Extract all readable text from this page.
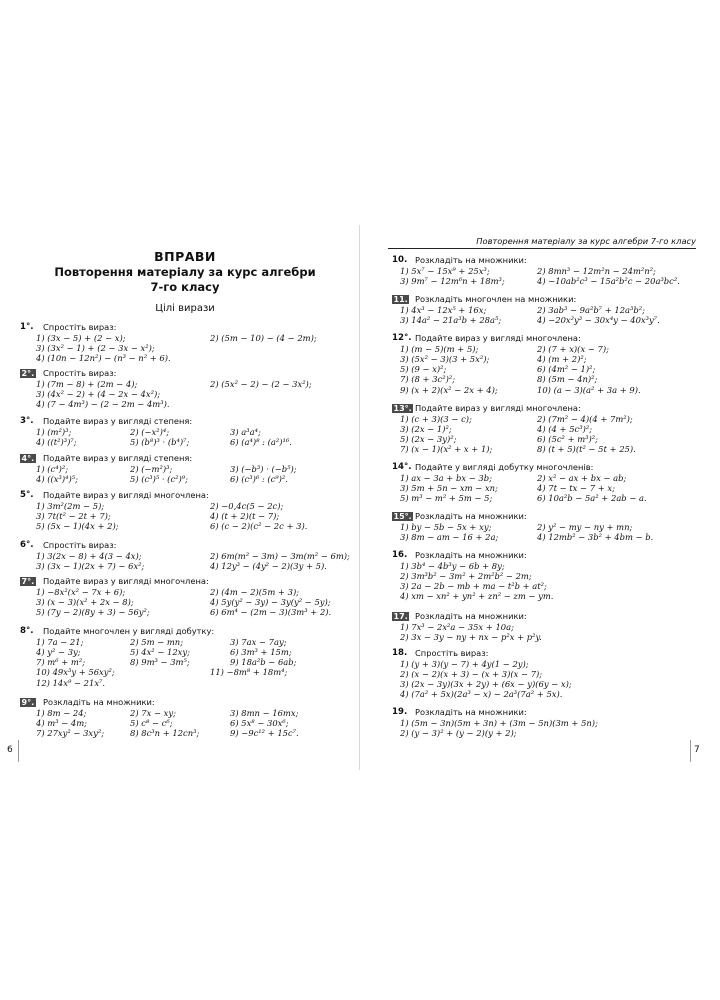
ВПРАВИ
Повторення матеріалу за курс алгебри
7-го класу
Цілі вирази
1°. Спростіть вираз:
1) (3x − 5) + (2 − x);	2) (5m − 10) − (4 − 2m);
3) (3x² − 1) + (2 − 3x − x²);
4) (10n − 12n²) − (n³ − n² + 6).
2°. Спростіть вираз:
1) (7m − 8) + (2m − 4);	2) (5x² − 2) − (2 − 3x²);
3) (4x² − 2) + (4 − 2x − 4x²);
4) (7 − 4m³) − (2 − 2m − 4m³).
3°. Подайте вираз у вигляді степеня:
1) (m²)³;	2) (−x²)⁴;	3) a³a⁴;
4) ((t²)³)⁷;	5) (b⁸)³ · (b⁴)⁷;	6) (a⁴)⁸ : (a²)¹⁶.
4°. Подайте вираз у вигляді степеня:
1) (c⁴)²;	2) (−m²)³;	3) (−b³) · (−b⁵);
4) ((x³)⁴)⁵;	5) (c³)⁵ · (c²)⁹;	6) (c³)⁶ : (c⁹)².
5°. Подайте вираз у вигляді многочлена:
1) 3m²(2m − 5);	2) −0,4c(5 − 2c);
3) 7t(t² − 2t + 7);	4) (t + 2)(t − 7);
5) (5x − 1)(4x + 2);	6) (c − 2)(c² − 2c + 3).
6°. Спростіть вираз:
1) 3(2x − 8) + 4(3 − 4x);	2) 6m(m² − 3m) − 3m(m² − 6m);
3) (3x − 1)(2x + 7) − 6x²;	4) 12y³ − (4y² − 2)(3y + 5).
7°. Подайте вираз у вигляді многочлена:
1) −8x²(x² − 7x + 6);	2) (4m − 2)(5m + 3);
3) (x − 3)(x² + 2x − 8);	4) 5y(y² − 3y) − 3y(y² − 5y);
5) (7y − 2)(8y + 3) − 56y²;	6) 6m⁴ − (2m − 3)(3m³ + 2).
8°. Подайте многочлен у вигляді добутку:
1) 7a − 21;	2) 5m − mn;	3) 7ax − 7ay;
4) y² − 3y;	5) 4x² − 12xy;	6) 3m³ + 15m;
7) m⁶ + m²;	8) 9m³ − 3m⁵;	9) 18a²b − 6ab;
10) 49x³y + 56xy²;	11) −8m⁸ + 18m⁴;
12) 14x⁹ − 21x⁷.
9°. Розкладіть на множники:
1) 8m − 24;	2) 7x − xy;	3) 8mn − 16mx;
4) m³ − 4m;	5) c⁸ − c⁶;	6) 5x⁸ − 30x⁶;
7) 27xy² − 3xy²;	8) 8c³n + 12cn³;	9) −9c¹² + 15c⁷.
6
Повторення матеріалу за курс алгебри 7-го класу
10. Розкладіть на множники:
1) 5x⁷ − 15x⁹ + 25x³;	2) 8mn³ − 12m²n − 24m²n²;
3) 9m⁷ − 12m⁶n + 18m³;	4) −10ab²c³ − 15a²b²c − 20a³bc².
11. Розкладіть многочлен на множники:
1) 4x³ − 12x⁵ + 16x;	2) 3ab³ − 9a²b⁷ + 12a³b²;
3) 14a² − 21a³b + 28a⁵;	4) −20x²y³ − 30x⁴y − 40x³y⁷.
12°. Подайте вираз у вигляді многочлена:
1) (m − 5)(m + 5);	2) (7 + x)(x − 7);
3) (5x² − 3)(3 + 5x²);	4) (m + 2)²;
5) (9 − x)²;	6) (4m² − 1)²;
7) (8 + 3c²)²;	8) (5m − 4n)²;
9) (x + 2)(x² − 2x + 4);	10) (a − 3)(a² + 3a + 9).
13°. Подайте вираз у вигляді многочлена:
1) (c + 3)(3 − c);	2) (7m² − 4)(4 + 7m²);
3) (2x − 1)²;	4) (4 + 5c³)²;
5) (2x − 3y)²;	6) (5c² + m³)²;
7) (x − 1)(x² + x + 1);	8) (t + 5)(t² − 5t + 25).
14°. Подайте у вигляді добутку многочленів:
1) ax − 3a + bx − 3b;	2) x² − ax + bx − ab;
3) 5m + 5n − xm − xn;	4) 7t − tx − 7 + x;
5) m³ − m² + 5m − 5;	6) 10a²b − 5a² + 2ab − a.
15°. Розкладіть на множники:
1) by − 5b − 5x + xy;	2) y² − my − ny + mn;
3) 8m − am − 16 + 2a;	4) 12mb² − 3b² + 4bm − b.
16. Розкладіть на множники:
1) 3b⁴ − 4b³y − 6b + 8y;
2) 3m³b² − 3m² + 2m²b² − 2m;
3) 2a − 2b − mb + ma − t²b + at²;
4) xm − xn² + yn² + zn² − zm − ym.
17. Розкладіть на множники:
1) 7x³ − 2x²a − 35x + 10a;
2) 3x − 3y − ny + nx − p²x + p²y.
18. Спростіть вираз:
1) (y + 3)(y − 7) + 4y(1 − 2y);
2) (x − 2)(x + 3) − (x + 3)(x − 7);
3) (2x − 3y)(3x + 2y) + (6x − y)(6y − x);
4) (7a² + 5x)(2a³ − x) − 2a³(7a² + 5x).
19. Розкладіть на множники:
1) (5m − 3n)(5m + 3n) + (3m − 5n)(3m + 5n);
2) (y − 3)² + (y − 2)(y + 2);
7
